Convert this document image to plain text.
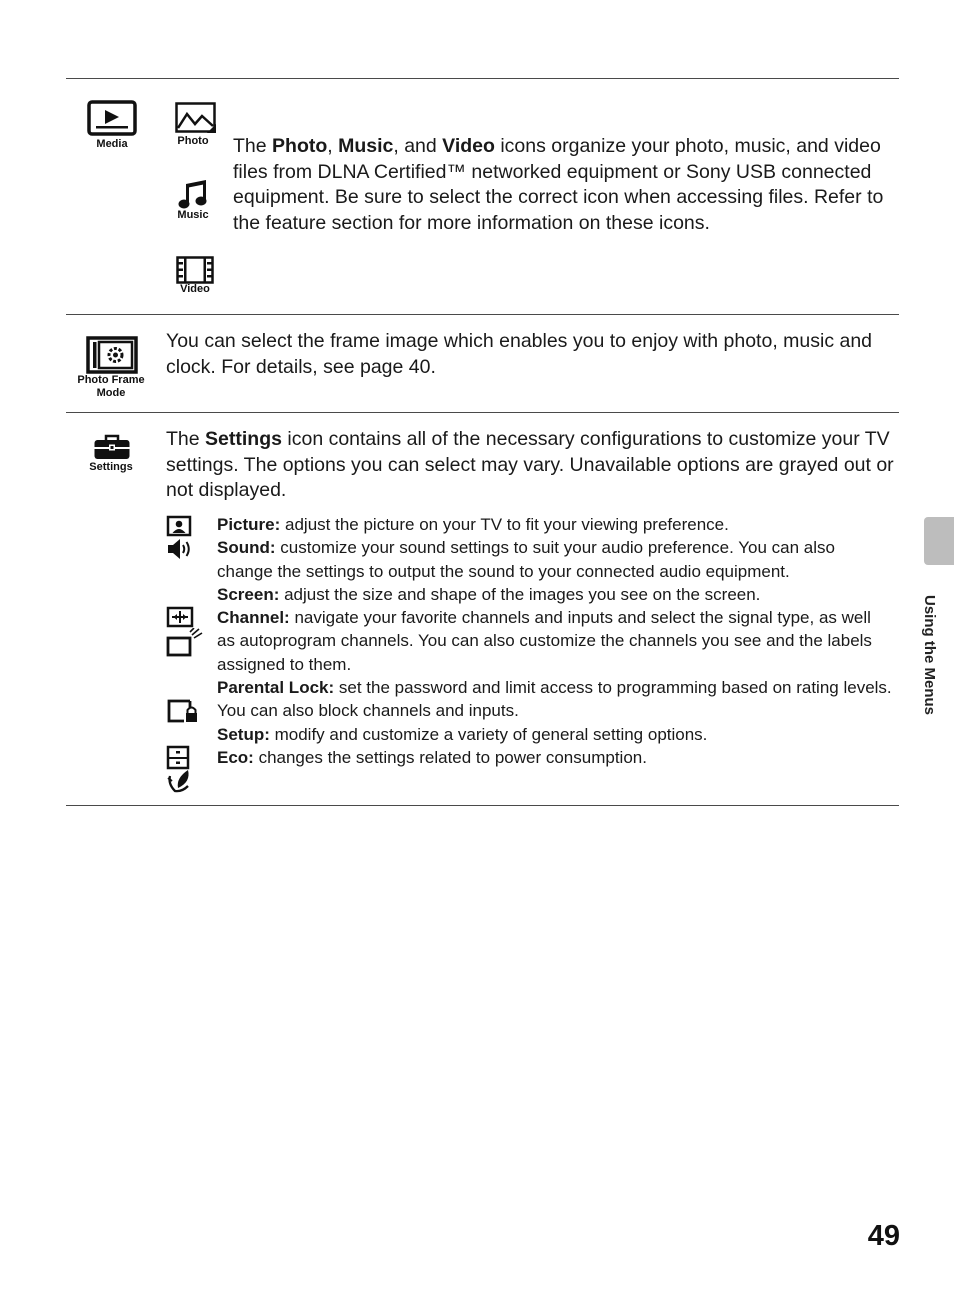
Media	Photo
Music
Video
The Photo, Music, and Video icons organize your photo, music, and video files from DLNA Certified™ networked equipment or Sony USB connected equipment. Be sure to select the correct icon when accessing files. Refer to the feature section for more information on these icons.
Photo Frame
Mode
You can select the frame image which enables you to enjoy with photo, music and clock. For details, see page 40.
Settings
The Settings icon contains all of the necessary configurations to customize your TV settings. The options you can select may vary. Unavailable options are grayed out or not displayed.
Picture: adjust the picture on your TV to fit your viewing preference.
Sound: customize your sound settings to suit your audio preference. You can also change the settings to output the sound to your connected audio equipment.
Screen: adjust the size and shape of the images you see on the screen.
Channel: navigate your favorite channels and inputs and select the signal type, as well as autoprogram channels. You can also customize the channels you see and the labels assigned to them.
Parental Lock: set the password and limit access to programming based on rating levels. You can also block channels and inputs.
Setup: modify and customize a variety of general setting options.
Eco: changes the settings related to power consumption.
Using the Menus
49
